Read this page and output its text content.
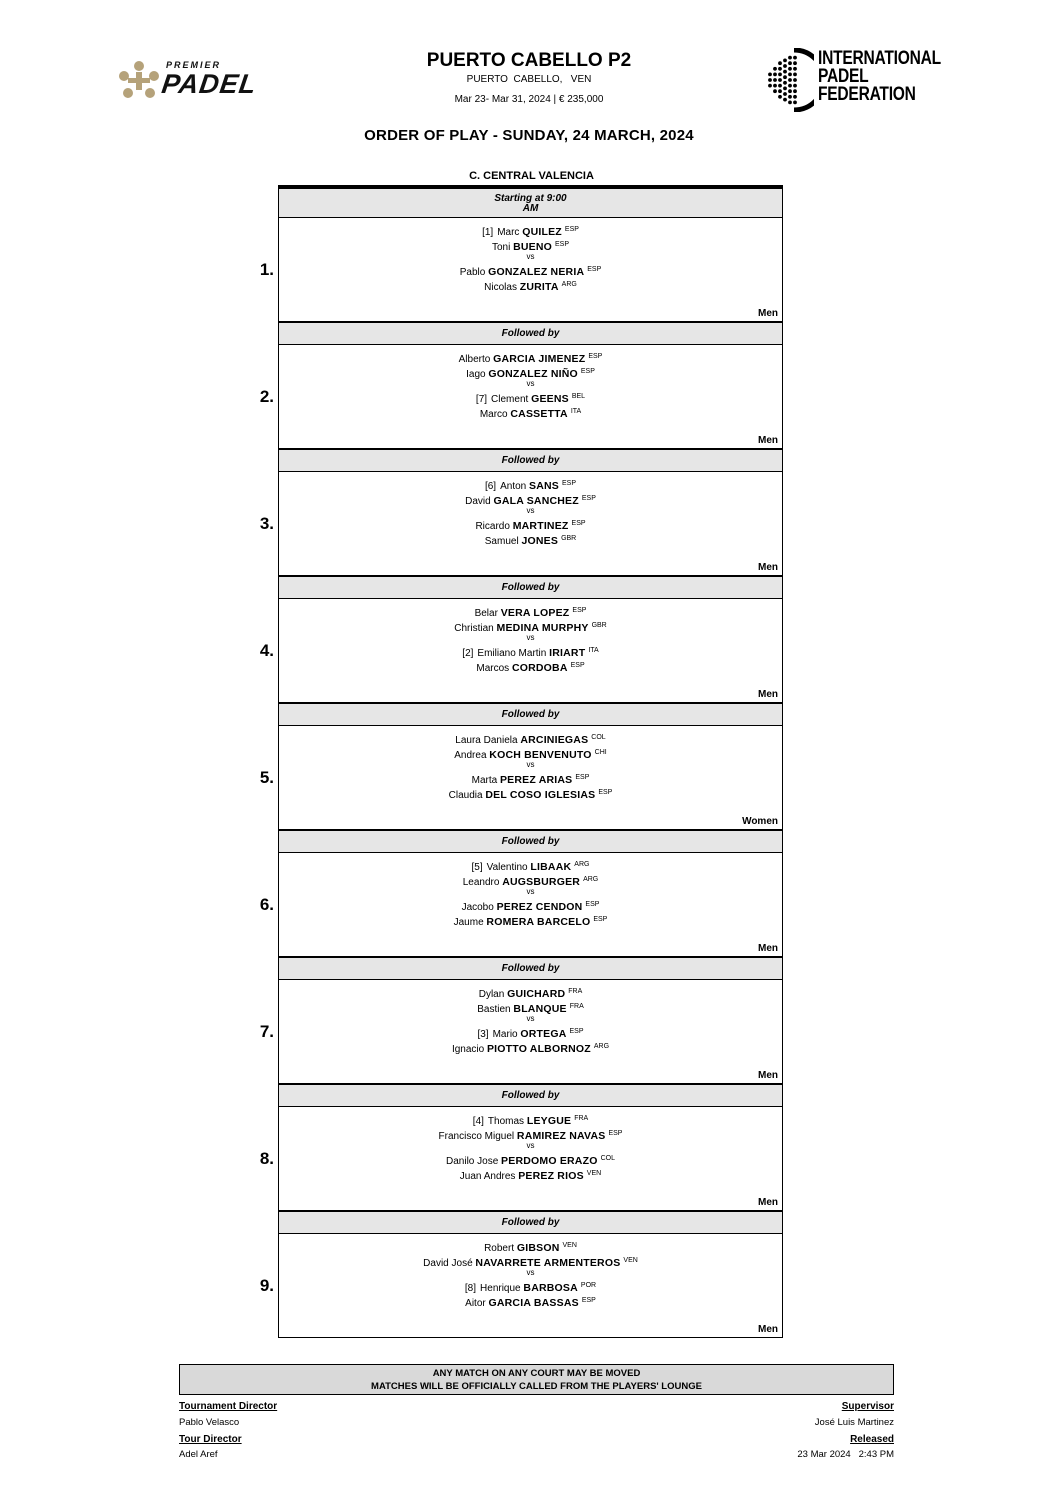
PREMIER
PADEL
PUERTO CABELLO P2
PUERTO  CABELLO,   VEN
Mar 23- Mar 31, 2024 | € 235,000
INTERNATIONAL
PADEL
FEDERATION
ORDER OF PLAY - SUNDAY, 24 MARCH, 2024
C. CENTRAL VALENCIA
Starting at 9:00
AM
[1] Marc QUILEZ $^{ESP}$
Toni BUENO $^{ESP}$
vs
Pablo GONZALEZ NERIA $^{ESP}$
Nicolas ZURITA $^{ARG}$
Men
1.
Followed by
Alberto GARCIA JIMENEZ $^{ESP}$
Iago GONZALEZ NIÑO $^{ESP}$
vs
[7] Clement GEENS $^{BEL}$
Marco CASSETTA $^{ITA}$
Men
2.
Followed by
[6] Anton SANS $^{ESP}$
David GALA SANCHEZ $^{ESP}$
vs
Ricardo MARTINEZ $^{ESP}$
Samuel JONES $^{GBR}$
Men
3.
Followed by
Belar VERA LOPEZ $^{ESP}$
Christian MEDINA MURPHY $^{GBR}$
vs
[2] Emiliano Martin IRIART $^{ITA}$
Marcos CORDOBA $^{ESP}$
Men
4.
Followed by
Laura Daniela ARCINIEGAS $^{COL}$
Andrea KOCH BENVENUTO $^{CHI}$
vs
Marta PEREZ ARIAS $^{ESP}$
Claudia DEL COSO IGLESIAS $^{ESP}$
Women
5.
Followed by
[5] Valentino LIBAAK $^{ARG}$
Leandro AUGSBURGER $^{ARG}$
vs
Jacobo PEREZ CENDON $^{ESP}$
Jaume ROMERA BARCELO $^{ESP}$
Men
6.
Followed by
Dylan GUICHARD $^{FRA}$
Bastien BLANQUE $^{FRA}$
vs
[3] Mario ORTEGA $^{ESP}$
Ignacio PIOTTO ALBORNOZ $^{ARG}$
Men
7.
Followed by
[4] Thomas LEYGUE $^{FRA}$
Francisco Miguel RAMIREZ NAVAS $^{ESP}$
vs
Danilo Jose PERDOMO ERAZO $^{COL}$
Juan Andres PEREZ RIOS $^{VEN}$
Men
8.
Followed by
Robert GIBSON $^{VEN}$
David José NAVARRETE ARMENTEROS $^{VEN}$
vs
[8] Henrique BARBOSA $^{POR}$
Aitor GARCIA BASSAS $^{ESP}$
Men
9.
ANY MATCH ON ANY COURT MAY BE MOVED
MATCHES WILL BE OFFICIALLY CALLED FROM THE PLAYERS' LOUNGE
Tournament Director
Pablo Velasco
Tour Director
Adel Aref
Supervisor
José Luis Martinez
Released
23 Mar 2024   2:43 PM
